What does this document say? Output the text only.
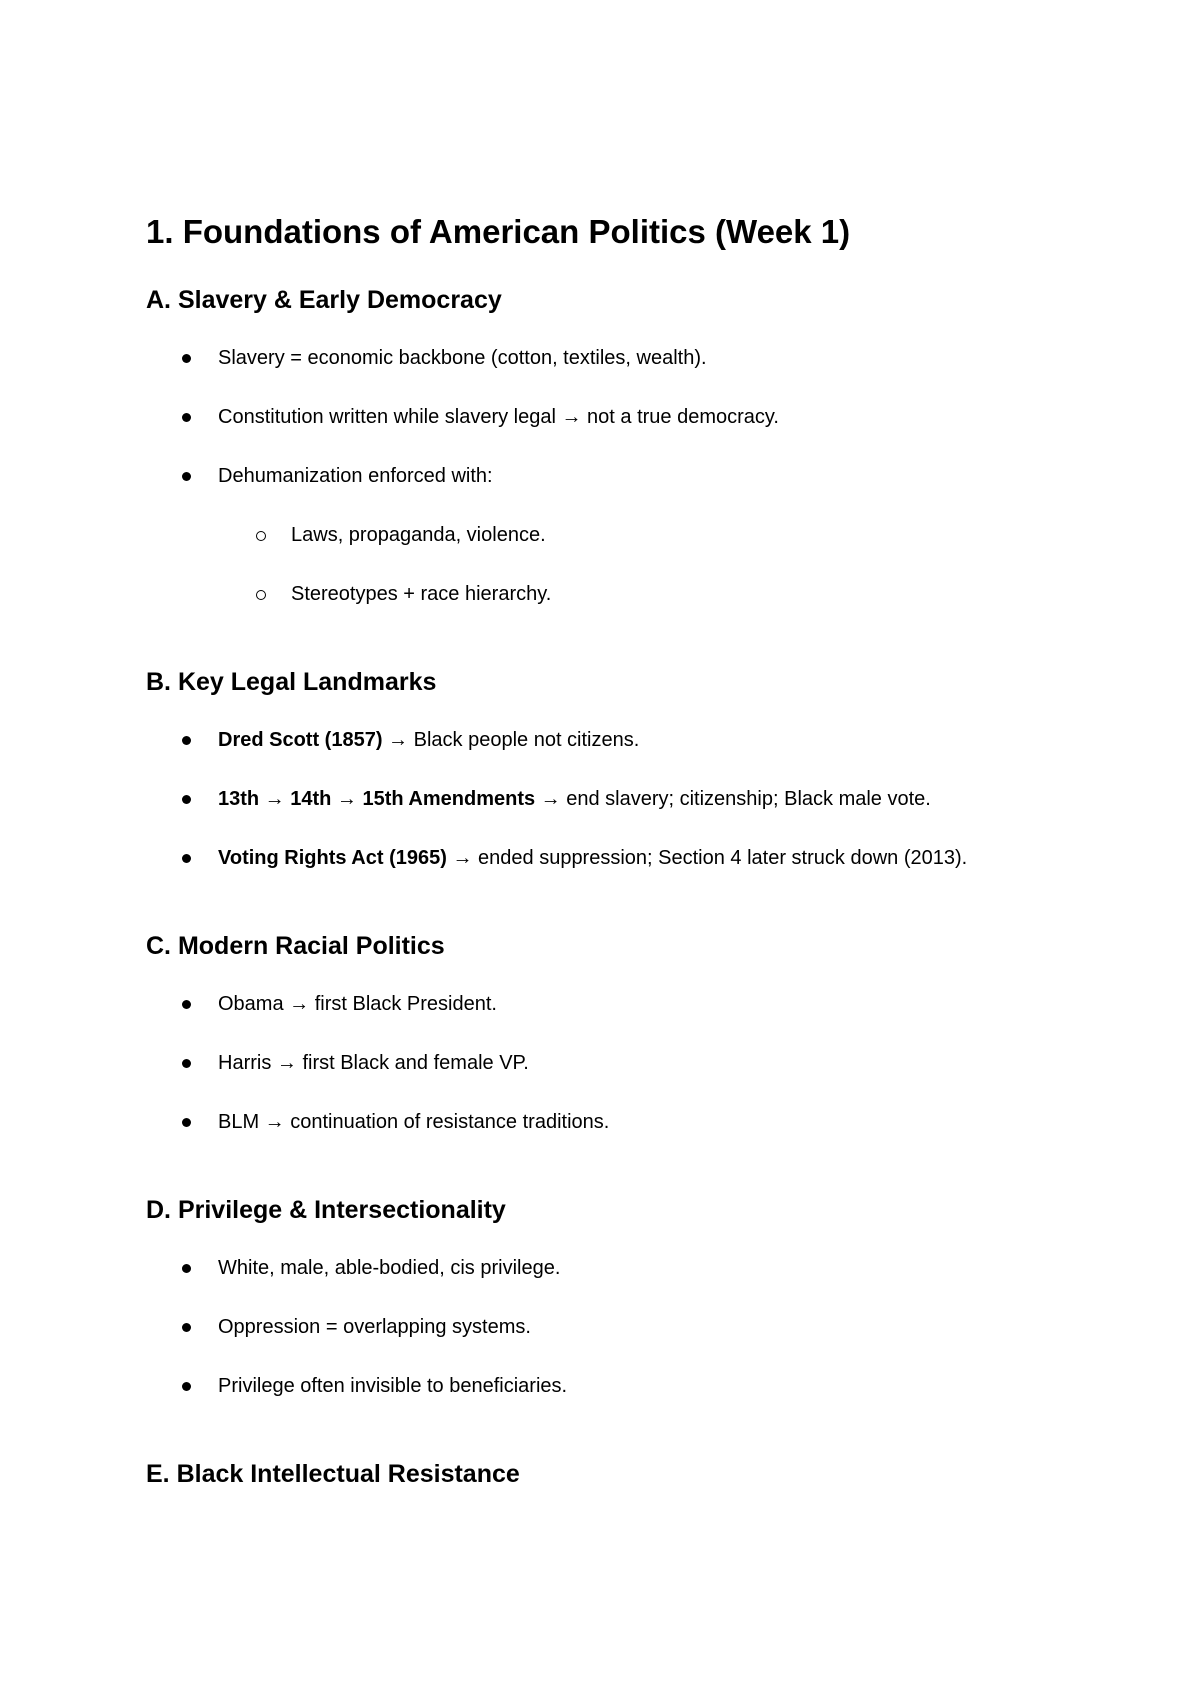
1. Foundations of American Politics (Week 1)
A. Slavery & Early Democracy
Slavery = economic backbone (cotton, textiles, wealth).
Constitution written while slavery legal → not a true democracy.
Dehumanization enforced with:
Laws, propaganda, violence.
Stereotypes + race hierarchy.
B. Key Legal Landmarks
Dred Scott (1857) → Black people not citizens.
13th → 14th → 15th Amendments → end slavery; citizenship; Black male vote.
Voting Rights Act (1965) → ended suppression; Section 4 later struck down (2013).
C. Modern Racial Politics
Obama → first Black President.
Harris → first Black and female VP.
BLM → continuation of resistance traditions.
D. Privilege & Intersectionality
White, male, able-bodied, cis privilege.
Oppression = overlapping systems.
Privilege often invisible to beneficiaries.
E. Black Intellectual Resistance
